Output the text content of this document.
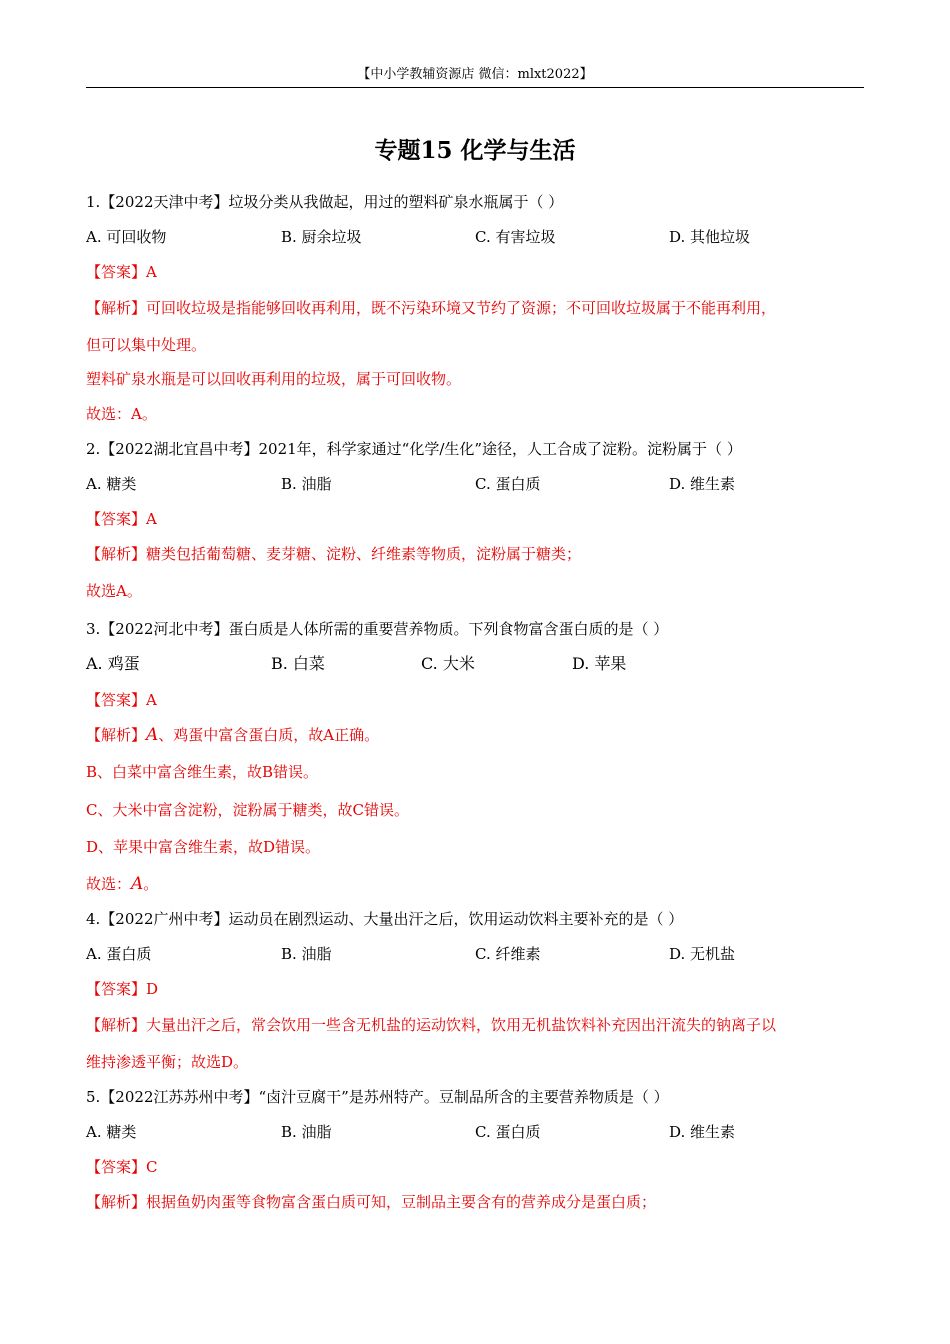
【中小学教辅资源店 微信：mlxt2022】
专题15 化学与生活
1.【2022天津中考】垃圾分类从我做起，用过的塑料矿泉水瓶属于（ ）
A. 可回收物	B. 厨余垃圾	C. 有害垃圾	D. 其他垃圾
【答案】A
【解析】可回收垃圾是指能够回收再利用，既不污染环境又节约了资源；不可回收垃圾属于不能再利用，
但可以集中处理。
塑料矿泉水瓶是可以回收再利用的垃圾，属于可回收物。
故选：A。
2.【2022湖北宜昌中考】2021年，科学家通过“化学/生化”途径，人工合成了淀粉。淀粉属于（ ）
A. 糖类	B. 油脂	C. 蛋白质	D. 维生素
【答案】A
【解析】糖类包括葡萄糖、麦芽糖、淀粉、纤维素等物质，淀粉属于糖类；
故选A。
3.【2022河北中考】蛋白质是人体所需的重要营养物质。下列食物富含蛋白质的是（ ）
A. 鸡蛋	B. 白菜	C. 大米	D. 苹果
【答案】A
【解析】A、鸡蛋中富含蛋白质，故A正确。
B、白菜中富含维生素，故B错误。
C、大米中富含淀粉，淀粉属于糖类，故C错误。
D、苹果中富含维生素，故D错误。
故选：A。
4.【2022广州中考】运动员在剧烈运动、大量出汗之后，饮用运动饮料主要补充的是（ ）
A. 蛋白质	B. 油脂	C. 纤维素	D. 无机盐
【答案】D
【解析】大量出汗之后，常会饮用一些含无机盐的运动饮料，饮用无机盐饮料补充因出汗流失的钠离子以
维持渗透平衡；故选D。
5.【2022江苏苏州中考】“卤汁豆腐干”是苏州特产。豆制品所含的主要营养物质是（ ）
A. 糖类	B. 油脂	C. 蛋白质	D. 维生素
【答案】C
【解析】根据鱼奶肉蛋等食物富含蛋白质可知，豆制品主要含有的营养成分是蛋白质；
